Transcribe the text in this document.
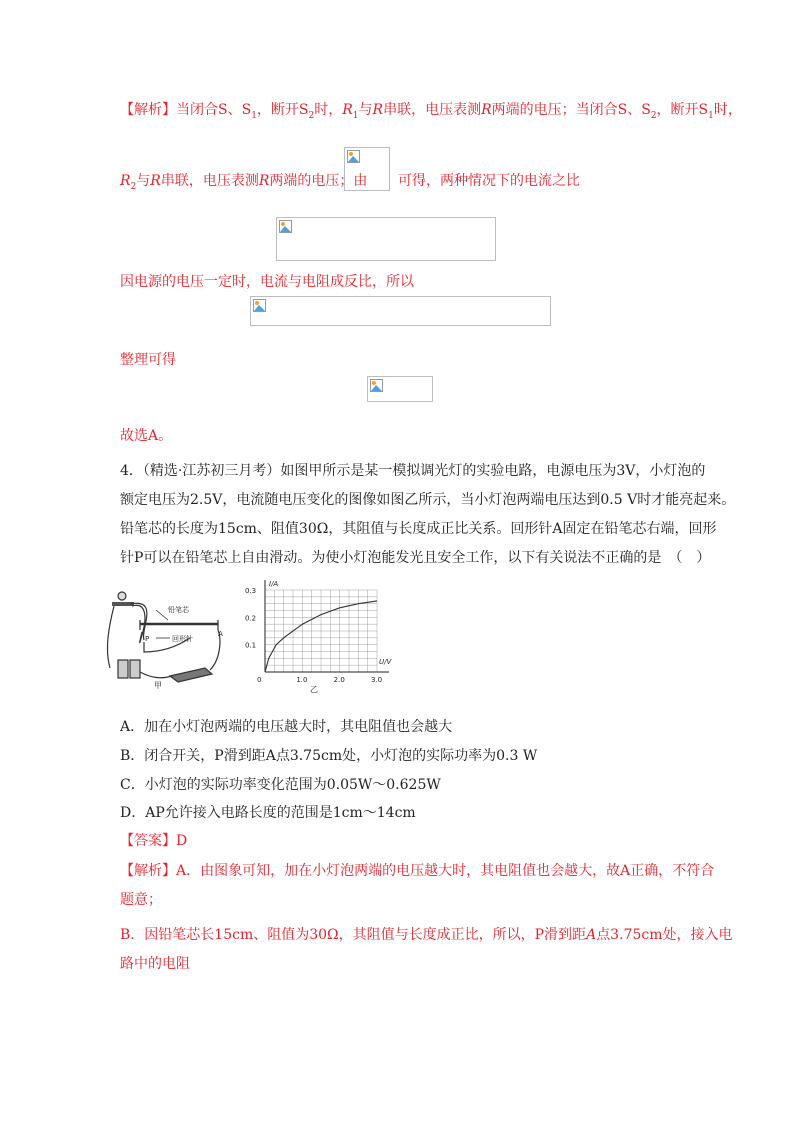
【解析】当闭合S、$S_1$，断开$S_2$时，$R_1$与R串联，电压表测R两端的电压；当闭合S、$S_2$，断开$S_1$时，
$R_2$与R串联，电压表测R两端的电压；由 可得，两种情况下的电流之比
因电源的电压一定时，电流与电阻成反比，所以
整理可得
故选A。
4．（精选·江苏初三月考）如图甲所示是某一模拟调光灯的实验电路，电源电压为3V，小灯泡的
额定电压为2.5V，电流随电压变化的图像如图乙所示，当小灯泡两端电压达到0.5 V时才能亮起来。
铅笔芯的长度为15cm、阻值30Ω，其阻值与长度成正比关系。回形针A固定在铅笔芯右端，回形
针P可以在铅笔芯上自由滑动。为使小灯泡能发光且安全工作，以下有关说法不正确的是　（　）
铅笔芯
P	回形针
A
甲
0	1.0	2.0	3.0
0.1
0.2
0.3
U/V
I/A
乙
A．加在小灯泡两端的电压越大时，其电阻值也会越大
B．闭合开关，P滑到距A点3.75cm处，小灯泡的实际功率为0.3 W
C．小灯泡的实际功率变化范围为0.05W～0.625W
D．AP允许接入电路长度的范围是1cm～14cm
【答案】D
【解析】A．由图象可知，加在小灯泡两端的电压越大时，其电阻值也会越大，故A正确，不符合
题意；
B．因铅笔芯长15cm、阻值为30Ω，其阻值与长度成正比，所以，P滑到距A点3.75cm处，接入电
路中的电阻
